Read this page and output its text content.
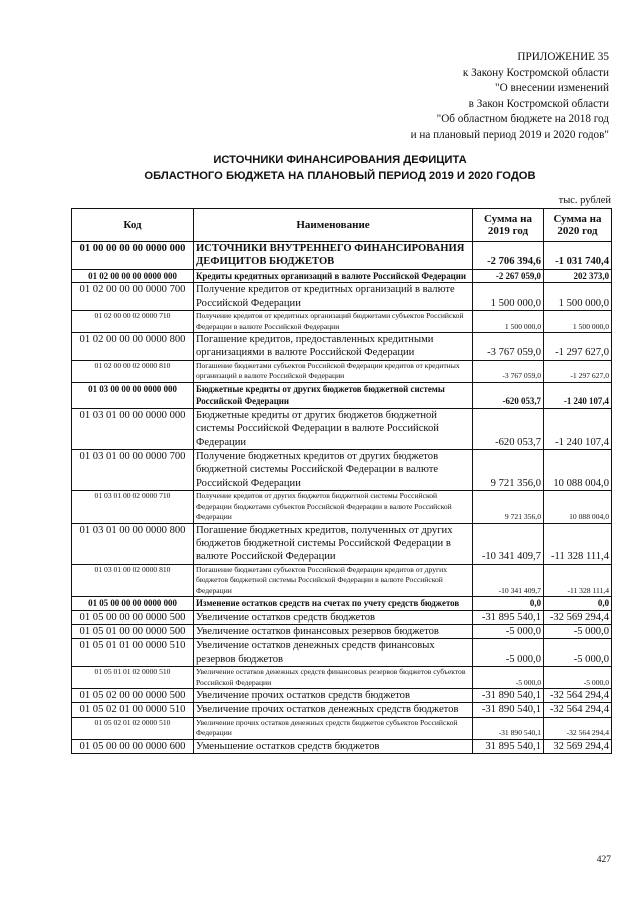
ПРИЛОЖЕНИЕ 35
к Закону Костромской области
"О внесении изменений
в Закон Костромской области
"Об областном бюджете на 2018 год
и на плановый период 2019 и 2020 годов"
ИСТОЧНИКИ ФИНАНСИРОВАНИЯ ДЕФИЦИТА
ОБЛАСТНОГО БЮДЖЕТА НА ПЛАНОВЫЙ ПЕРИОД 2019 И 2020 ГОДОВ
тыс. рублей
Код	Наименование	Сумма на 2019 год	Сумма на 2020 год
01 00 00 00 00 0000 000	ИСТОЧНИКИ ВНУТРЕННЕГО ФИНАНСИРОВАНИЯ ДЕФИЦИТОВ БЮДЖЕТОВ	-2 706 394,6	-1 031 740,4
01 02 00 00 00 0000 000	Кредиты кредитных организаций в валюте Российской Федерации	-2 267 059,0	202 373,0
01 02 00 00 00 0000 700	Получение кредитов от кредитных организаций в валюте Российской Федерации	1 500 000,0	1 500 000,0
01 02 00 00 02 0000 710	Получение кредитов от кредитных организаций бюджетами субъектов Российской Федерации в валюте Российской Федерации	1 500 000,0	1 500 000,0
01 02 00 00 00 0000 800	Погашение кредитов, предоставленных кредитными организациями в валюте Российской Федерации	-3 767 059,0	-1 297 627,0
01 02 00 00 02 0000 810	Погашение бюджетами субъектов Российской Федерации кредитов от кредитных организаций в валюте Российской Федерации	-3 767 059,0	-1 297 627,0
01 03 00 00 00 0000 000	Бюджетные кредиты от других бюджетов бюджетной системы Российской Федерации	-620 053,7	-1 240 107,4
01 03 01 00 00 0000 000	Бюджетные кредиты от других бюджетов бюджетной системы Российской Федерации в валюте Российской Федерации	-620 053,7	-1 240 107,4
01 03 01 00 00 0000 700	Получение бюджетных кредитов от других бюджетов бюджетной системы Российской Федерации в валюте Российской Федерации	9 721 356,0	10 088 004,0
01 03 01 00 02 0000 710	Получение кредитов от других бюджетов бюджетной системы Российской Федерации бюджетами субъектов Российской Федерации в валюте Российской Федерации	9 721 356,0	10 088 004,0
01 03 01 00 00 0000 800	Погашение бюджетных кредитов, полученных от других бюджетов бюджетной системы Российской Федерации в валюте Российской Федерации	-10 341 409,7	-11 328 111,4
01 03 01 00 02 0000 810	Погашение бюджетами субъектов Российской Федерации кредитов от других бюджетов бюджетной системы Российской Федерации в валюте Российской Федерации	-10 341 409,7	-11 328 111,4
01 05 00 00 00 0000 000	Изменение остатков средств на счетах по учету средств бюджетов	0,0	0,0
01 05 00 00 00 0000 500	Увеличение остатков средств бюджетов	-31 895 540,1	-32 569 294,4
01 05 01 00 00 0000 500	Увеличение остатков финансовых резервов бюджетов	-5 000,0	-5 000,0
01 05 01 01 00 0000 510	Увеличение остатков денежных средств финансовых резервов бюджетов	-5 000,0	-5 000,0
01 05 01 01 02 0000 510	Увеличение остатков денежных средств финансовых резервов бюджетов субъектов Российской Федерации	-5 000,0	-5 000,0
01 05 02 00 00 0000 500	Увеличение прочих остатков средств бюджетов	-31 890 540,1	-32 564 294,4
01 05 02 01 00 0000 510	Увеличение прочих остатков денежных средств бюджетов	-31 890 540,1	-32 564 294,4
01 05 02 01 02 0000 510	Увеличение прочих остатков денежных средств бюджетов субъектов Российской Федерации	-31 890 540,1	-32 564 294,4
01 05 00 00 00 0000 600	Уменьшение остатков средств бюджетов	31 895 540,1	32 569 294,4
427
